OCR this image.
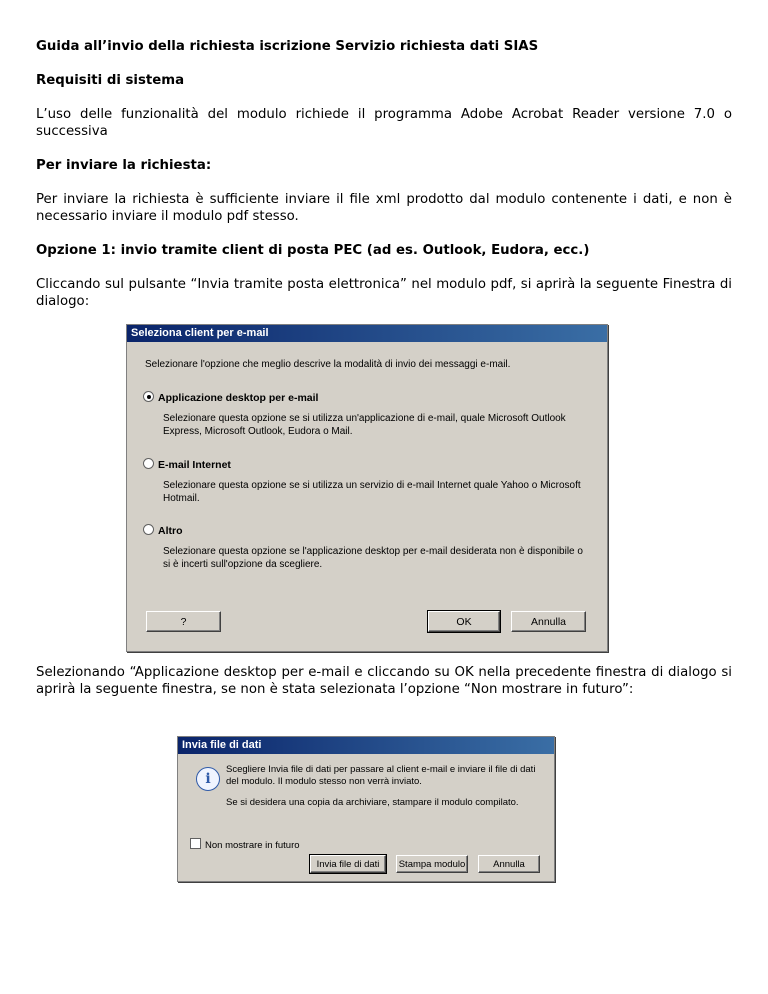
Guida all’invio della richiesta iscrizione Servizio richiesta dati SIAS

Requisiti di sistema

L’uso delle funzionalità del modulo richiede il programma Adobe Acrobat Reader versione 7.0 o successiva

Per inviare la richiesta:

Per inviare la richiesta è sufficiente inviare il file xml prodotto dal modulo contenente i dati, e non è necessario inviare il modulo pdf stesso.

Opzione 1: invio tramite client di posta PEC (ad es. Outlook, Eudora, ecc.)

Cliccando sul pulsante “Invia tramite posta elettronica” nel modulo pdf, si aprirà la seguente Finestra di dialogo:

Seleziona client per e-mail
Selezionare l'opzione che meglio descrive la modalità di invio dei messaggi e-mail.
Applicazione desktop per e-mail
Selezionare questa opzione se si utilizza un'applicazione di e-mail, quale Microsoft Outlook Express, Microsoft Outlook, Eudora o Mail.
E-mail Internet
Selezionare questa opzione se si utilizza un servizio di e-mail Internet quale Yahoo o Microsoft Hotmail.
Altro
Selezionare questa opzione se l'applicazione desktop per e-mail desiderata non è disponibile o si è incerti sull'opzione da scegliere.
?	OK	Annulla

Selezionando “Applicazione desktop per e-mail e cliccando su OK nella precedente finestra di dialogo si aprirà la seguente finestra, se non è stata selezionata l’opzione “Non mostrare in futuro”:

Invia file di dati
i
Scegliere Invia file di dati per passare al client e-mail e inviare il file di dati del modulo. Il modulo stesso non verrà inviato.
Se si desidera una copia da archiviare, stampare il modulo compilato.
Non mostrare in futuro
Invia file di dati	Stampa modulo	Annulla
